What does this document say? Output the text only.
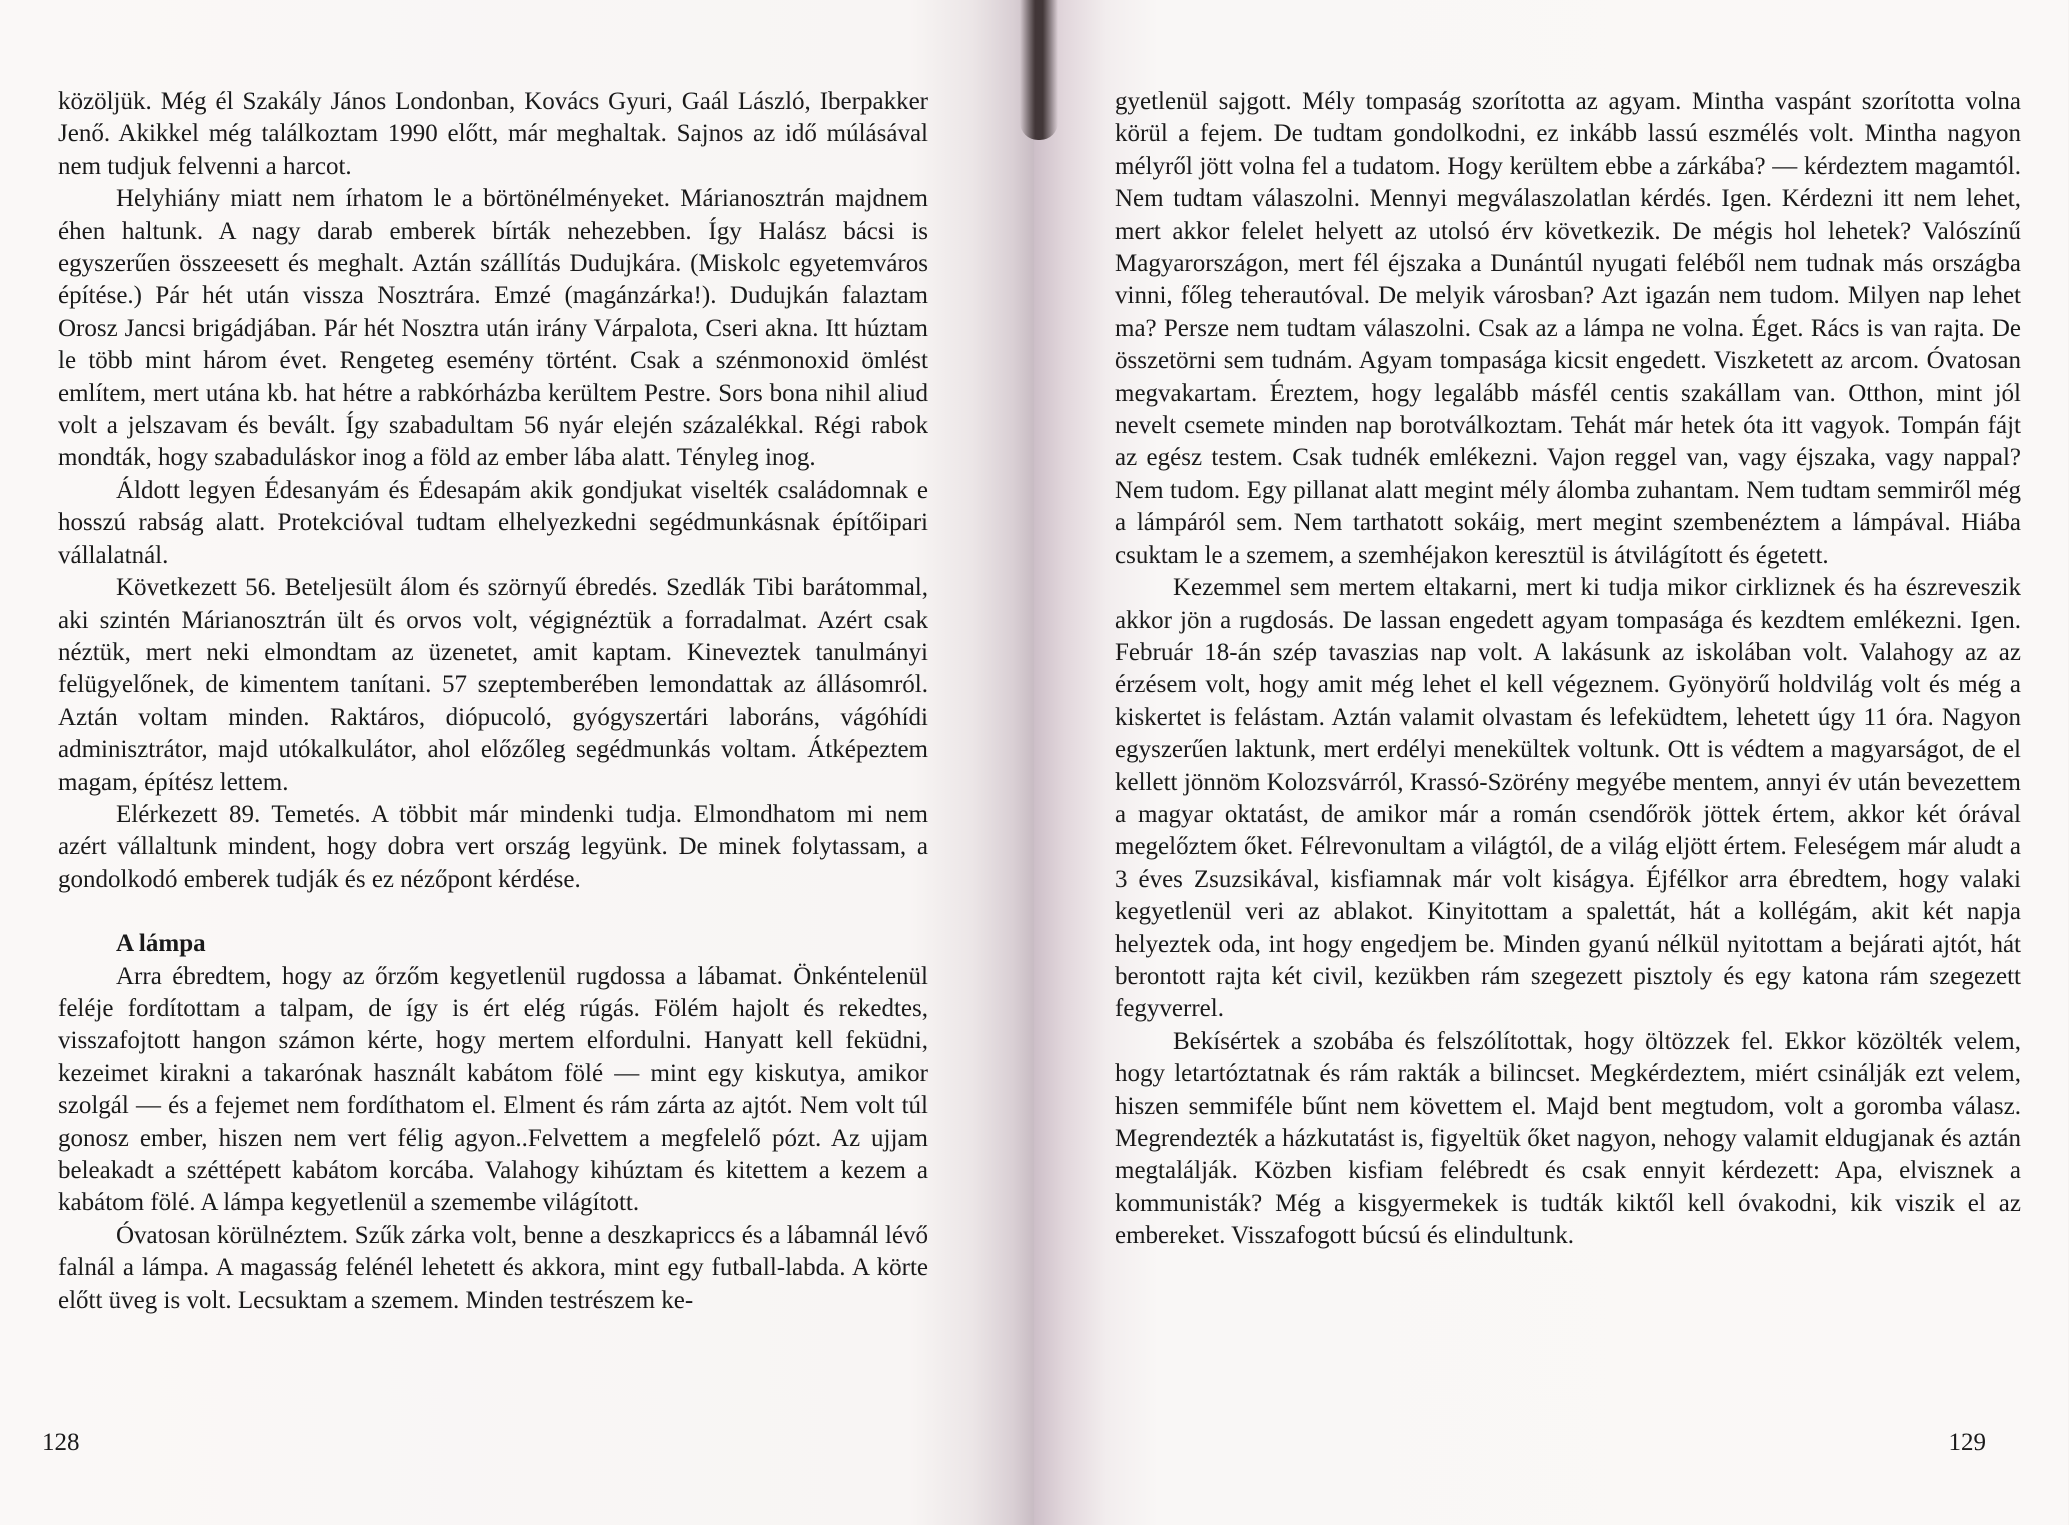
közöljük. Még él Szakály János Londonban, Kovács Gyuri, Gaál László, Iberpakker Jenő. Akikkel még találkoztam 1990 előtt, már meghaltak. Sajnos az idő múlásával nem tudjuk felvenni a harcot.

Helyhiány miatt nem írhatom le a börtönélményeket. Márianosztrán majdnem éhen haltunk. A nagy darab emberek bírták nehezebben. Így Halász bácsi is egyszerűen összeesett és meghalt. Aztán szállítás Dudujkára. (Miskolc egyetemváros építése.) Pár hét után vissza Nosztrára. Emzé (magánzárka!). Dudujkán falaztam Orosz Jancsi brigádjában. Pár hét Nosztra után irány Várpalota, Cseri akna. Itt húztam le több mint három évet. Rengeteg esemény történt. Csak a szénmonoxid ömlést említem, mert utána kb. hat hétre a rabkórházba kerültem Pestre. Sors bona nihil aliud volt a jelszavam és bevált. Így szabadultam 56 nyár elején százalékkal. Régi rabok mondták, hogy szabaduláskor inog a föld az ember lába alatt. Tényleg inog.

Áldott legyen Édesanyám és Édesapám akik gondjukat viselték családomnak e hosszú rabság alatt. Protekcióval tudtam elhelyezkedni segédmunkásnak építőipari vállalatnál.

Következett 56. Beteljesült álom és szörnyű ébredés. Szedlák Tibi barátommal, aki szintén Márianosztrán ült és orvos volt, végignéztük a forradalmat. Azért csak néztük, mert neki elmondtam az üzenetet, amit kaptam. Kineveztek tanulmányi felügyelőnek, de kimentem tanítani. 57 szeptemberében lemondattak az állásomról. Aztán voltam minden. Raktáros, diópucoló, gyógyszertári laboráns, vágóhídi adminisztrátor, majd utókalkulátor, ahol előzőleg segédmunkás voltam. Átképeztem magam, építész lettem.

Elérkezett 89. Temetés. A többit már mindenki tudja. Elmondhatom mi nem azért vállaltunk mindent, hogy dobra vert ország legyünk. De minek folytassam, a gondolkodó emberek tudják és ez nézőpont kérdése.

A lámpa

Arra ébredtem, hogy az őrzőm kegyetlenül rugdossa a lábamat. Önkéntelenül feléje fordítottam a talpam, de így is ért elég rúgás. Fölém hajolt és rekedtes, visszafojtott hangon számon kérte, hogy mertem elfordulni. Hanyatt kell feküdni, kezeimet kirakni a takarónak használt kabátom fölé — mint egy kiskutya, amikor szolgál — és a fejemet nem fordíthatom el. Elment és rám zárta az ajtót. Nem volt túl gonosz ember, hiszen nem vert félig agyon..Felvettem a megfelelő pózt. Az ujjam beleakadt a széttépett kabátom korcába. Valahogy kihúztam és kitettem a kezem a kabátom fölé. A lámpa kegyetlenül a szemembe világított.

Óvatosan körülnéztem. Szűk zárka volt, benne a deszkapriccs és a lábamnál lévő falnál a lámpa. A magasság felénél lehetett és akkora, mint egy futball-labda. A körte előtt üveg is volt. Lecsuktam a szemem. Minden testrészem ke-

128

gyetlenül sajgott. Mély tompaság szorította az agyam. Mintha vaspánt szorította volna körül a fejem. De tudtam gondolkodni, ez inkább lassú eszmélés volt. Mintha nagyon mélyről jött volna fel a tudatom. Hogy kerültem ebbe a zárkába? — kérdeztem magamtól. Nem tudtam válaszolni. Mennyi megválaszolatlan kérdés. Igen. Kérdezni itt nem lehet, mert akkor felelet helyett az utolsó érv következik. De mégis hol lehetek? Valószínű Magyarországon, mert fél éjszaka a Dunántúl nyugati feléből nem tudnak más országba vinni, főleg teherautóval. De melyik városban? Azt igazán nem tudom. Milyen nap lehet ma? Persze nem tudtam válaszolni. Csak az a lámpa ne volna. Éget. Rács is van rajta. De összetörni sem tudnám. Agyam tompasága kicsit engedett. Viszketett az arcom. Óvatosan megvakartam. Éreztem, hogy legalább másfél centis szakállam van. Otthon, mint jól nevelt csemete minden nap borotválkoztam. Tehát már hetek óta itt vagyok. Tompán fájt az egész testem. Csak tudnék emlékezni. Vajon reggel van, vagy éjszaka, vagy nappal? Nem tudom. Egy pillanat alatt megint mély álomba zuhantam. Nem tudtam semmiről még a lámpáról sem. Nem tarthatott sokáig, mert megint szembenéztem a lámpával. Hiába csuktam le a szemem, a szemhéjakon keresztül is átvilágított és égetett.

Kezemmel sem mertem eltakarni, mert ki tudja mikor cirkliznek és ha észreveszik akkor jön a rugdosás. De lassan engedett agyam tompasága és kezdtem emlékezni. Igen. Február 18-án szép tavaszias nap volt. A lakásunk az iskolában volt. Valahogy az az érzésem volt, hogy amit még lehet el kell végeznem. Gyönyörű holdvilág volt és még a kiskertet is felástam. Aztán valamit olvastam és lefeküdtem, lehetett úgy 11 óra. Nagyon egyszerűen laktunk, mert erdélyi menekültek voltunk. Ott is védtem a magyarságot, de el kellett jönnöm Kolozsvárról, Krassó-Szörény megyébe mentem, annyi év után bevezettem a magyar oktatást, de amikor már a román csendőrök jöttek értem, akkor két órával megelőztem őket. Félrevonultam a világtól, de a világ eljött értem. Feleségem már aludt a 3 éves Zsuzsikával, kisfiamnak már volt kiságya. Éjfélkor arra ébredtem, hogy valaki kegyetlenül veri az ablakot. Kinyitottam a spalettát, hát a kollégám, akit két napja helyeztek oda, int hogy engedjem be. Minden gyanú nélkül nyitottam a bejárati ajtót, hát berontott rajta két civil, kezükben rám szegezett pisztoly és egy katona rám szegezett fegyverrel.

Bekísértek a szobába és felszólítottak, hogy öltözzek fel. Ekkor közölték velem, hogy letartóztatnak és rám rakták a bilincset. Megkérdeztem, miért csinálják ezt velem, hiszen semmiféle bűnt nem követtem el. Majd bent megtudom, volt a goromba válasz. Megrendezték a házkutatást is, figyeltük őket nagyon, nehogy valamit eldugjanak és aztán megtalálják. Közben kisfiam felébredt és csak ennyit kérdezett: Apa, elvisznek a kommunisták? Még a kisgyermekek is tudták kiktől kell óvakodni, kik viszik el az embereket. Visszafogott búcsú és elindultunk.

129
